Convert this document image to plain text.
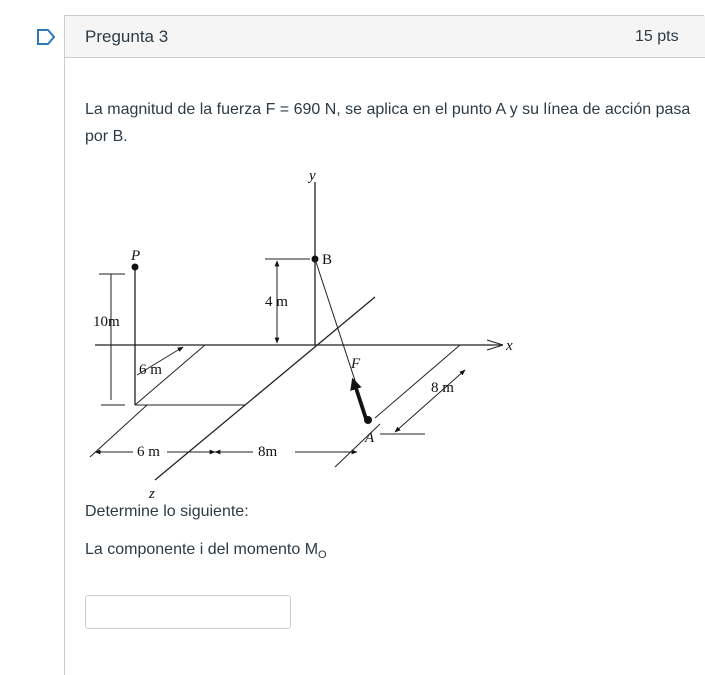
Pregunta 3	15 pts
La magnitud de la fuerza F = 690 N, se aplica en el punto A y su línea de acción pasa por B.
y
x
z
P	B
A
F
10m
4 m
6 m
6 m	8m
8 m
Determine lo siguiente:
La componente i del momento $M_O$
